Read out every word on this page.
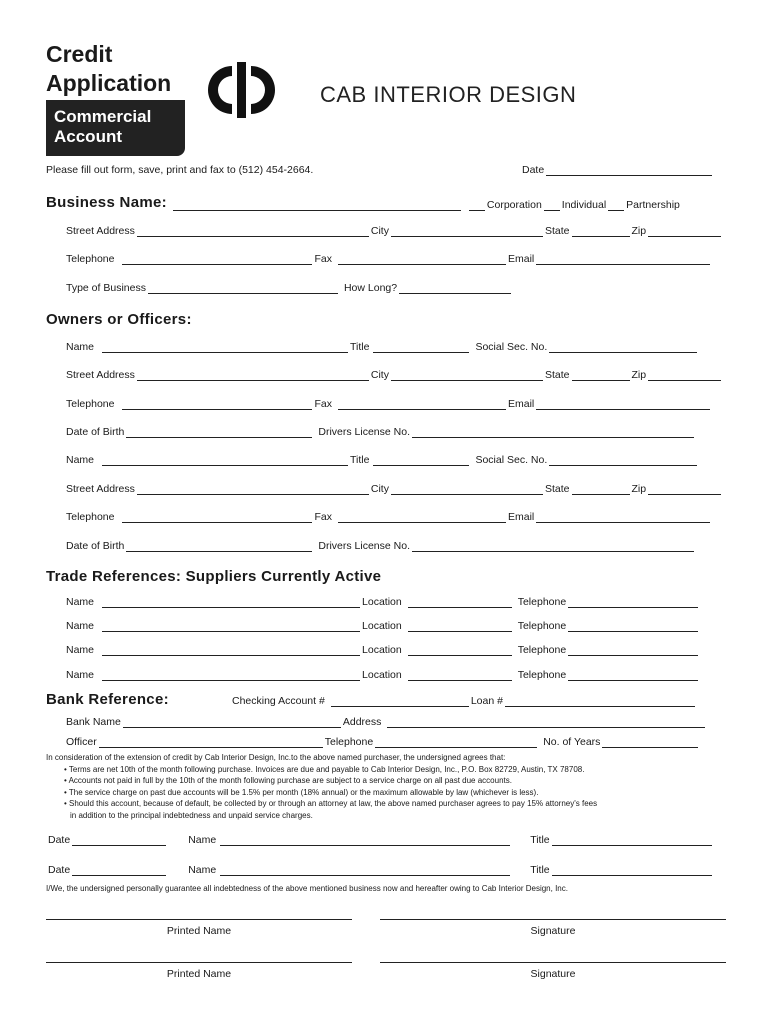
Credit
Application
Commercial
Account
CAB INTERIOR DESIGN
Please fill out form, save, print and fax to (512) 454-2664.	Date
Business Name:	Corporation Individual Partnership
Street Address	City	State	Zip
Telephone	Fax	Email
Type of Business	How Long?
Owners or Officers:
Name	Title	Social Sec. No.
Street Address	City	State	Zip
Telephone	Fax	Email
Date of Birth	Drivers License No.
Name	Title	Social Sec. No.
Street Address	City	State	Zip
Telephone	Fax	Email
Date of Birth	Drivers License No.
Trade References: Suppliers Currently Active
Name	Location	Telephone
Name	Location	Telephone
Name	Location	Telephone
Name	Location	Telephone
Bank Reference:	Checking Account #	Loan #
Bank Name	Address
Officer	Telephone	No. of Years
In consideration of the extension of credit by Cab Interior Design, Inc.to the above named purchaser, the undersigned agrees that:
• Terms are net 10th of the month following purchase. Invoices are due and payable to Cab Interior Design, Inc., P.O. Box 82729, Austin, TX 78708.
• Accounts not paid in full by the 10th of the month following purchase are subject to a service charge on all past due accounts.
• The service charge on past due accounts will be 1.5% per month (18% annual) or the maximum allowable by law (whichever is less).
• Should this account, because of default, be collected by or through an attorney at law, the above named purchaser agrees to pay 15% attorney's fees
in addition to the principal indebtedness and unpaid service charges.
Date	Name	Title
Date	Name	Title
I/We, the undersigned personally guarantee all indebtedness of the above mentioned business now and hereafter owing to Cab Interior Design, Inc.
Printed Name	Signature
Printed Name	Signature
